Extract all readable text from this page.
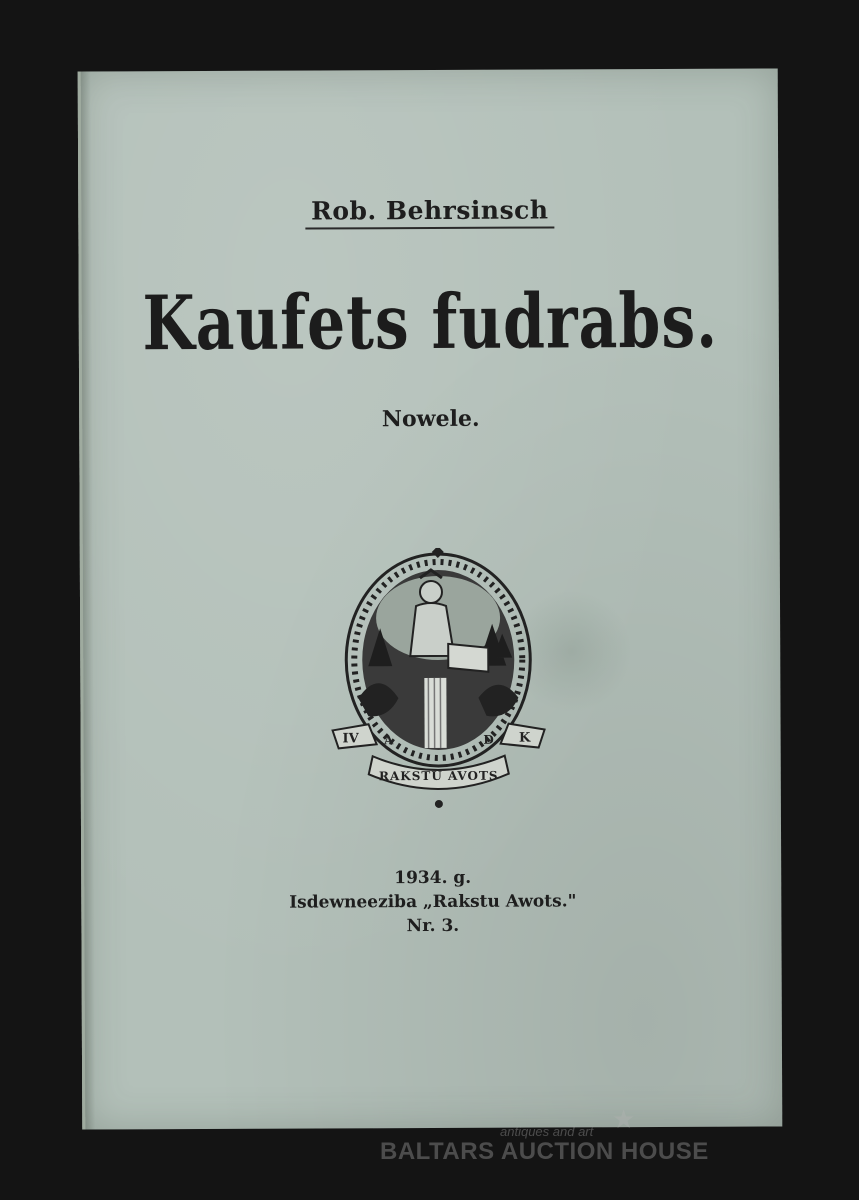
Rob. Behrsinsch
Kaufets fudrabs.
Nowele.
IV A	D K
RAKSTU AVOTS
1934. g.
Isdewneeziba „Rakstu Awots."
Nr. 3.
★
antiques and art
BALTARS AUCTION HOUSE
